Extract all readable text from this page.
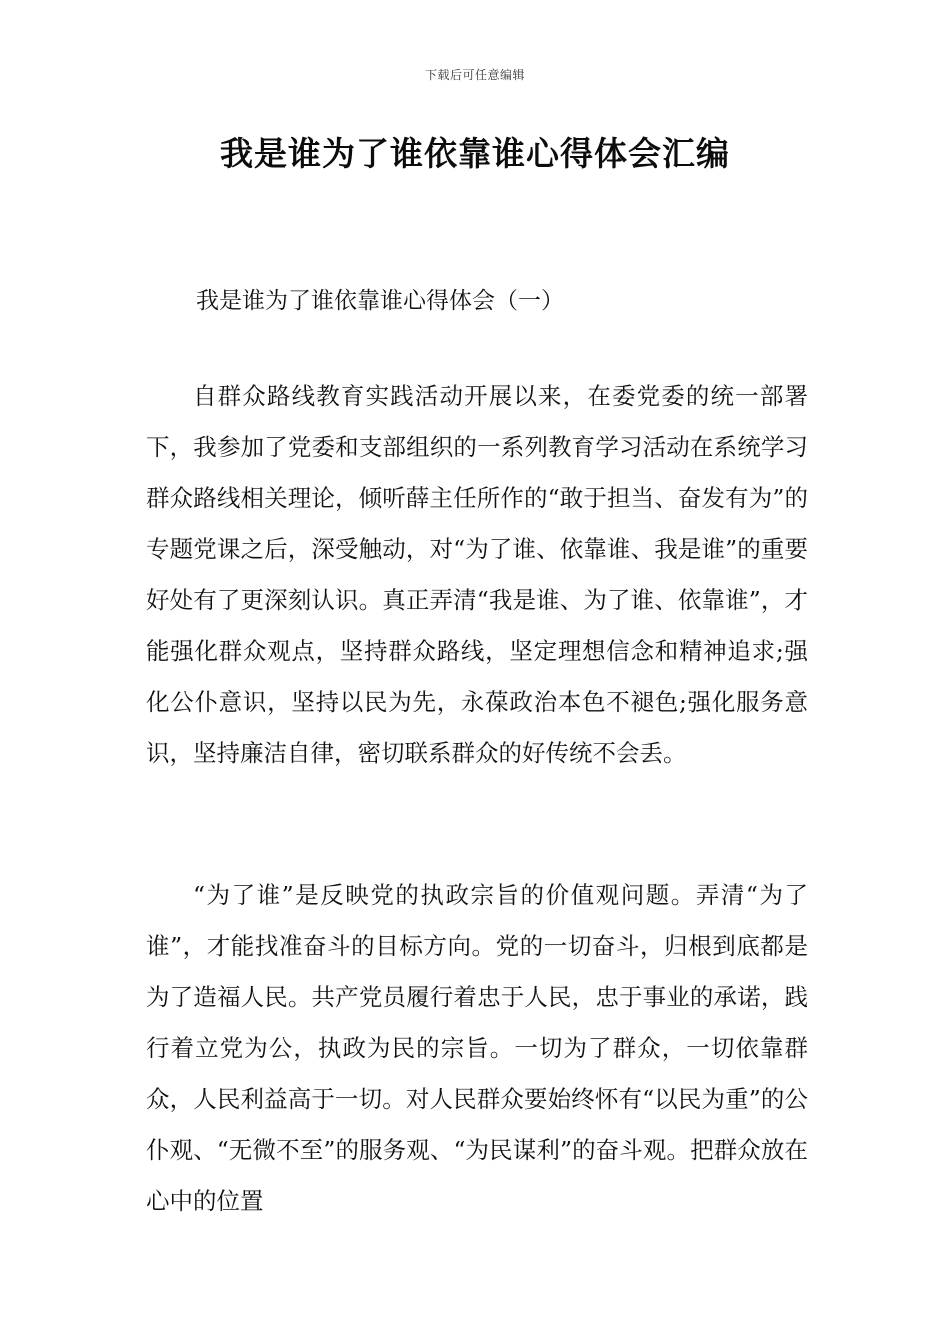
下载后可任意编辑
我是谁为了谁依靠谁心得体会汇编
我是谁为了谁依靠谁心得体会（一）

自群众路线教育实践活动开展以来，在委党委的统一部署下，我参加了党委和支部组织的一系列教育学习活动在系统学习群众路线相关理论，倾听薛主任所作的“敢于担当、奋发有为”的专题党课之后，深受触动，对“为了谁、依靠谁、我是谁”的重要好处有了更深刻认识。真正弄清“我是谁、为了谁、依靠谁”，才能强化群众观点，坚持群众路线，坚定理想信念和精神追求;强化公仆意识，坚持以民为先，永葆政治本色不褪色;强化服务意识，坚持廉洁自律，密切联系群众的好传统不会丢。

“为了谁”是反映党的执政宗旨的价值观问题。弄清“为了谁”，才能找准奋斗的目标方向。党的一切奋斗，归根到底都是为了造福人民。共产党员履行着忠于人民，忠于事业的承诺，践行着立党为公，执政为民的宗旨。一切为了群众，一切依靠群众，人民利益高于一切。对人民群众要始终怀有“以民为重”的公仆观、“无微不至”的服务观、“为民谋利”的奋斗观。把群众放在心中的位置
